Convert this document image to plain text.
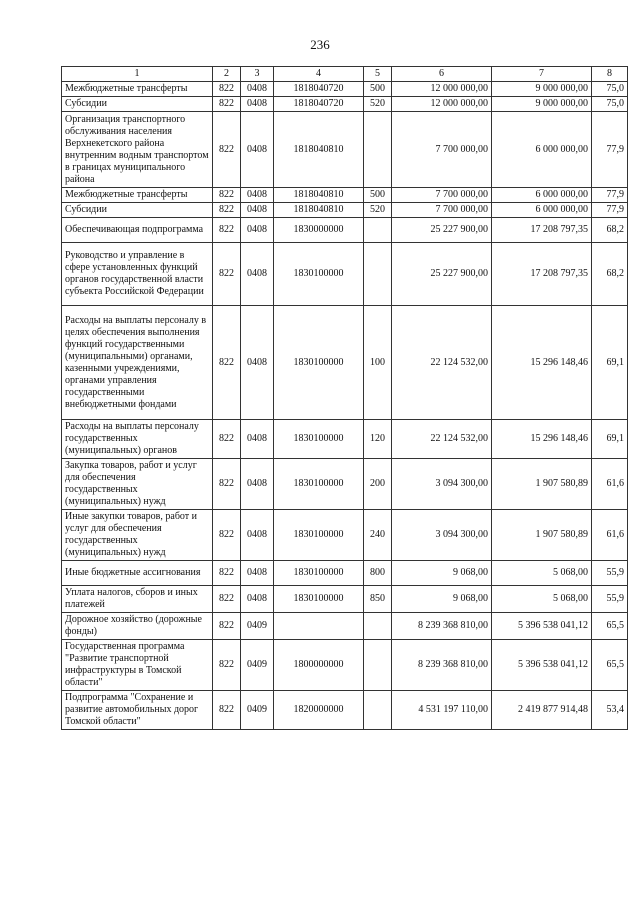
236
1	2	3	4	5	6	7	8
Межбюджетные трансферты	822	0408	1818040720	500	12 000 000,00	9 000 000,00	75,0
Субсидии	822	0408	1818040720	520	12 000 000,00	9 000 000,00	75,0
Организация транспортного обслуживания населения Верхнекетского района внутренним водным транспортом в границах муниципального района	822	0408	1818040810		7 700 000,00	6 000 000,00	77,9
Межбюджетные трансферты	822	0408	1818040810	500	7 700 000,00	6 000 000,00	77,9
Субсидии	822	0408	1818040810	520	7 700 000,00	6 000 000,00	77,9
Обеспечивающая подпрограмма	822	0408	1830000000		25 227 900,00	17 208 797,35	68,2
Руководство и управление в сфере установленных функций органов государственной власти субъекта Российской Федерации	822	0408	1830100000		25 227 900,00	17 208 797,35	68,2
Расходы на выплаты персоналу в целях обеспечения выполнения функций государственными (муниципальными) органами, казенными учреждениями, органами управления государственными внебюджетными фондами	822	0408	1830100000	100	22 124 532,00	15 296 148,46	69,1
Расходы на выплаты персоналу государственных (муниципальных) органов	822	0408	1830100000	120	22 124 532,00	15 296 148,46	69,1
Закупка товаров, работ и услуг для обеспечения государственных (муниципальных) нужд	822	0408	1830100000	200	3 094 300,00	1 907 580,89	61,6
Иные закупки товаров, работ и услуг для обеспечения государственных (муниципальных) нужд	822	0408	1830100000	240	3 094 300,00	1 907 580,89	61,6
Иные бюджетные ассигнования	822	0408	1830100000	800	9 068,00	5 068,00	55,9
Уплата налогов, сборов и иных платежей	822	0408	1830100000	850	9 068,00	5 068,00	55,9
Дорожное хозяйство (дорожные фонды)	822	0409			8 239 368 810,00	5 396 538 041,12	65,5
Государственная программа "Развитие транспортной инфраструктуры в Томской области"	822	0409	1800000000		8 239 368 810,00	5 396 538 041,12	65,5
Подпрограмма "Сохранение и развитие автомобильных дорог Томской области"	822	0409	1820000000		4 531 197 110,00	2 419 877 914,48	53,4
